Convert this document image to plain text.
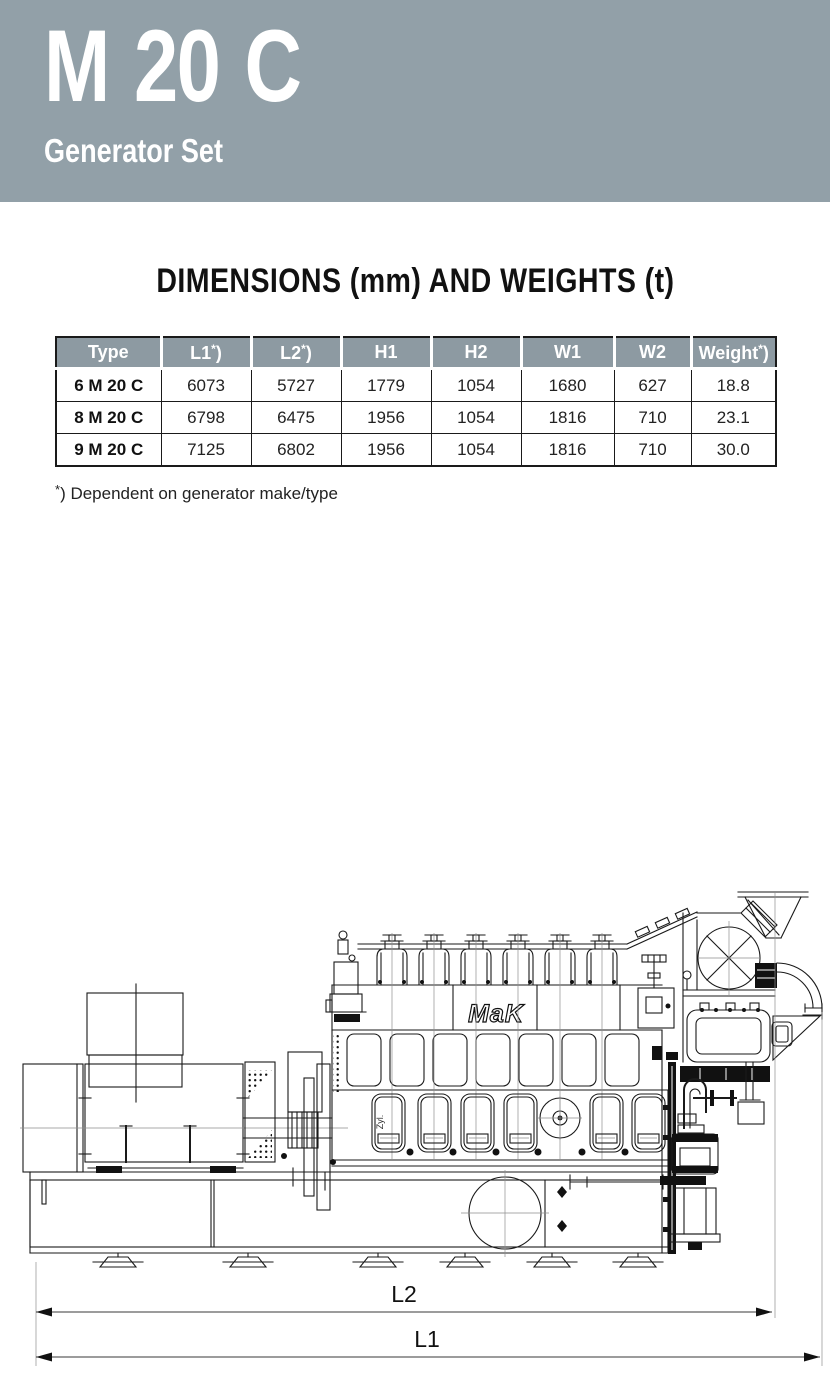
M 20 C
Generator Set
DIMENSIONS (mm) AND WEIGHTS (t)
Type	L1*)	L2*)	H1	H2	W1	W2	Weight*)
6 M 20 C	6073	5727	1779	1054	1680	627	18.8
8 M 20 C	6798	6475	1956	1054	1816	710	23.1
9 M 20 C	7125	6802	1956	1054	1816	710	30.0
*) Dependent on generator make/type
MaK
Zyl.
L2
L1
